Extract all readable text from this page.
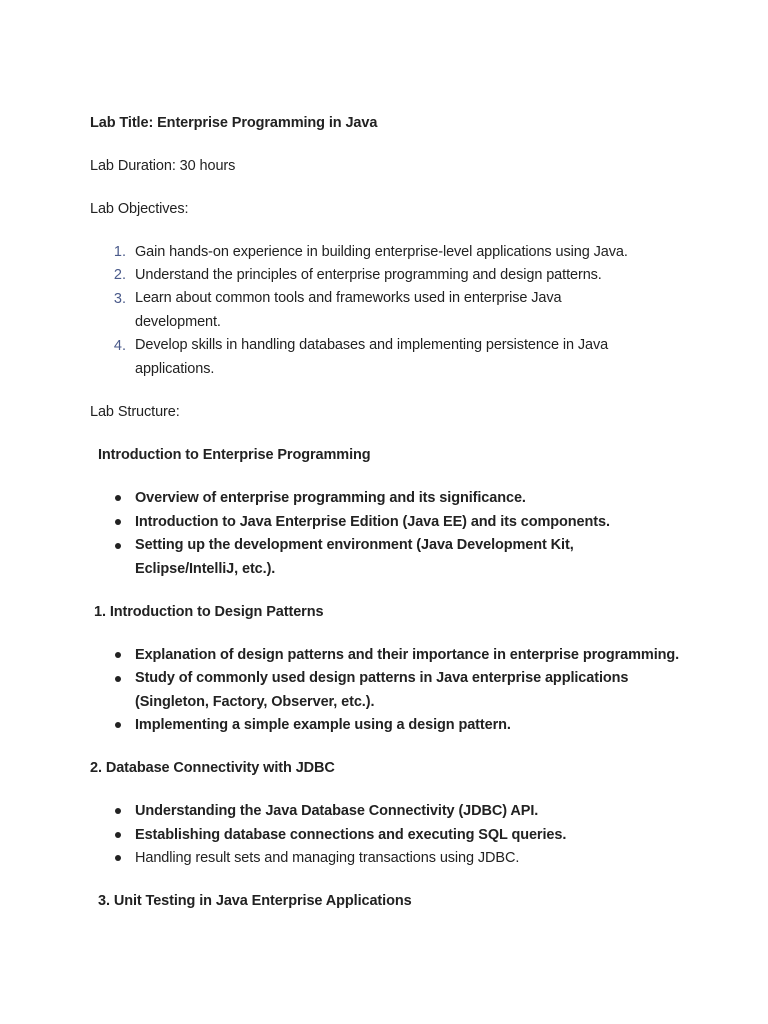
Lab Title: Enterprise Programming in Java
Lab Duration: 30 hours
Lab Objectives:
1. Gain hands-on experience in building enterprise-level applications using Java.
2. Understand the principles of enterprise programming and design patterns.
3. Learn about common tools and frameworks used in enterprise Java development.
4. Develop skills in handling databases and implementing persistence in Java applications.
Lab Structure:
Introduction to Enterprise Programming
Overview of enterprise programming and its significance.
Introduction to Java Enterprise Edition (Java EE) and its components.
Setting up the development environment (Java Development Kit, Eclipse/IntelliJ, etc.).
1. Introduction to Design Patterns
Explanation of design patterns and their importance in enterprise programming.
Study of commonly used design patterns in Java enterprise applications (Singleton, Factory, Observer, etc.).
Implementing a simple example using a design pattern.
2. Database Connectivity with JDBC
Understanding the Java Database Connectivity (JDBC) API.
Establishing database connections and executing SQL queries.
Handling result sets and managing transactions using JDBC.
3. Unit Testing in Java Enterprise Applications
